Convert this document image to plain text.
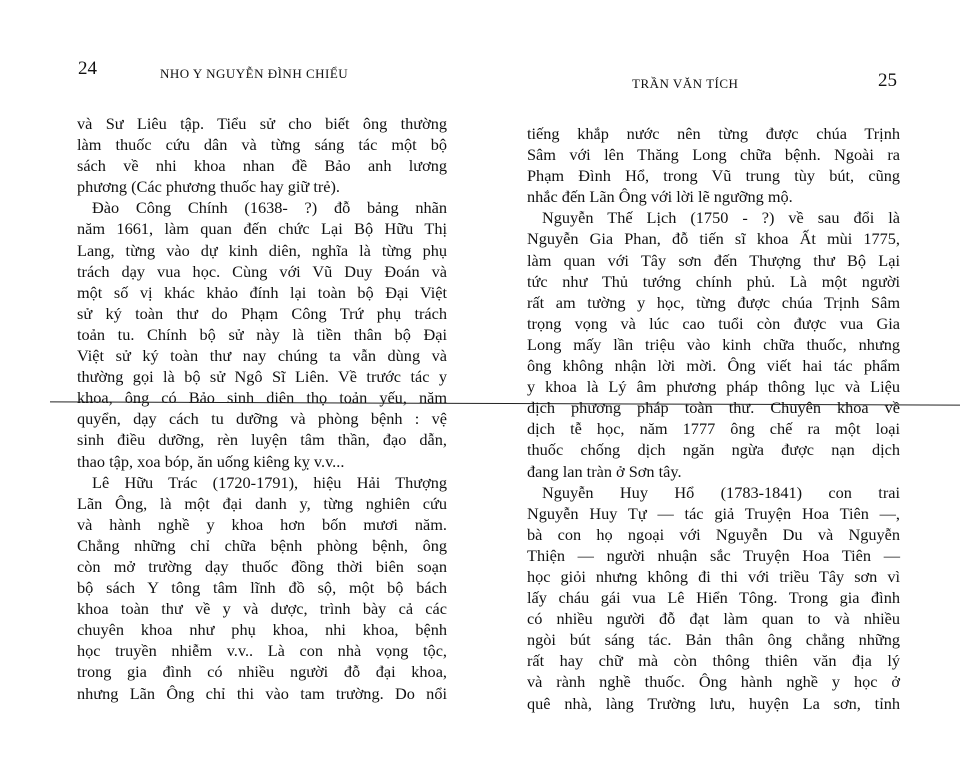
24	NHO Y NGUYỄN ĐÌNH CHIỂU
và Sư Liêu tập. Tiểu sử cho biết ông thường
làm thuốc cứu dân và từng sáng tác một bộ
sách về nhi khoa nhan đề Bảo anh lương
phương (Các phương thuốc hay giữ trẻ).
Đào Công Chính (1638- ?) đỗ bảng nhãn
năm 1661, làm quan đến chức Lại Bộ Hữu Thị
Lang, từng vào dự kinh diên, nghĩa là từng phụ
trách dạy vua học. Cùng với Vũ Duy Đoán và
một số vị khác khảo đính lại toàn bộ Đại Việt
sử ký toàn thư do Phạm Công Trứ phụ trách
toản tu. Chính bộ sử này là tiền thân bộ Đại
Việt sử ký toàn thư nay chúng ta vẫn dùng và
thường gọi là bộ sử Ngô Sĩ Liên. Về trước tác y
khoa, ông có Bảo sinh diên thọ toản yếu, năm
quyển, dạy cách tu dưỡng và phòng bệnh : vệ
sinh điều dưỡng, rèn luyện tâm thần, đạo dẫn,
thao tập, xoa bóp, ăn uống kiêng kỵ v.v...
Lê Hữu Trác (1720-1791), hiệu Hải Thượng
Lãn Ông, là một đại danh y, từng nghiên cứu
và hành nghề y khoa hơn bốn mươi năm.
Chẳng những chỉ chữa bệnh phòng bệnh, ông
còn mở trường dạy thuốc đồng thời biên soạn
bộ sách Y tông tâm lĩnh đồ sộ, một bộ bách
khoa toàn thư về y và dược, trình bày cả các
chuyên khoa như phụ khoa, nhi khoa, bệnh
học truyền nhiễm v.v.. Là con nhà vọng tộc,
trong gia đình có nhiều người đỗ đại khoa,
nhưng Lãn Ông chỉ thi vào tam trường. Do nổi
25
TRẦN VĂN TÍCH
tiếng khắp nước nên từng được chúa Trịnh
Sâm với lên Thăng Long chữa bệnh. Ngoài ra
Phạm Đình Hổ, trong Vũ trung tùy bút, cũng
nhắc đến Lãn Ông với lời lẽ ngưỡng mộ.
Nguyễn Thế Lịch (1750 - ?) về sau đổi là
Nguyễn Gia Phan, đỗ tiến sĩ khoa Ất mùi 1775,
làm quan với Tây sơn đến Thượng thư Bộ Lại
tức như Thủ tướng chính phủ. Là một người
rất am tường y học, từng được chúa Trịnh Sâm
trọng vọng và lúc cao tuổi còn được vua Gia
Long mấy lần triệu vào kinh chữa thuốc, nhưng
ông không nhận lời mời. Ông viết hai tác phẩm
y khoa là Lý âm phương pháp thông lục và Liệu
dịch phương pháp toàn thư. Chuyên khoa về
dịch tễ học, năm 1777 ông chế ra một loại
thuốc chống dịch ngăn ngừa được nạn dịch
đang lan tràn ở Sơn tây.
Nguyễn Huy Hổ (1783-1841) con trai
Nguyễn Huy Tự — tác giả Truyện Hoa Tiên —,
bà con họ ngoại với Nguyễn Du và Nguyễn
Thiện — người nhuận sắc Truyện Hoa Tiên —
học giỏi nhưng không đi thi với triều Tây sơn vì
lấy cháu gái vua Lê Hiển Tông. Trong gia đình
có nhiều người đỗ đạt làm quan to và nhiều
ngòi bút sáng tác. Bản thân ông chẳng những
rất hay chữ mà còn thông thiên văn địa lý
và rành nghề thuốc. Ông hành nghề y học ở
quê nhà, làng Trường lưu, huyện La sơn, tỉnh
